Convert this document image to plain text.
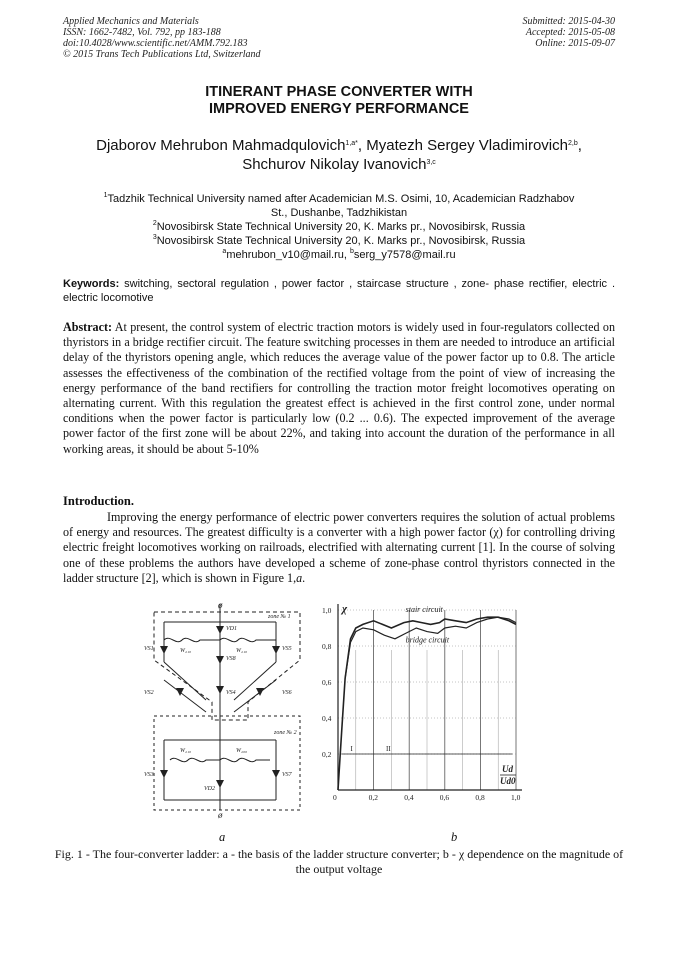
Applied Mechanics and Materials
ISSN: 1662-7482, Vol. 792, pp 183-188
doi:10.4028/www.scientific.net/AMM.792.183
© 2015 Trans Tech Publications Ltd, Switzerland
Submitted: 2015-04-30
Accepted: 2015-05-08
Online: 2015-09-07
ITINERANT PHASE CONVERTER WITH
IMPROVED ENERGY PERFORMANCE
Djaborov Mehrubon Mahmadqulovich$^{1,a*}$, Myatezh Sergey Vladimirovich$^{2,b}$,
Shchurov Nikolay Ivanovich$^{3,c}$
$^1$Tadzhik Technical University named after Academician M.S. Osimi, 10, Academician Radzhabov
St., Dushanbe, Tadzhikistan
$^2$Novosibirsk State Technical University 20, K. Marks pr., Novosibirsk, Russia
$^3$Novosibirsk State Technical University 20, K. Marks pr., Novosibirsk, Russia
$^a$mehrubon_v10@mail.ru, $^b$serg_y7578@mail.ru
Keywords: switching, sectoral regulation , power factor , staircase structure , zone- phase rectifier, electric . electric locomotive
Abstract: At present, the control system of electric traction motors is widely used in four-regulators collected on thyristors in a bridge rectifier circuit. The feature switching processes in them are needed to introduce an artificial delay of the thyristors opening angle, which reduces the average value of the power factor up to 0.8. The article assesses the effectiveness of the combination of the rectified voltage from the point of view of increasing the energy performance of the band rectifiers for controlling the traction motor freight locomotives operating on alternating current. With this regulation the greatest effect is achieved in the first control zone, under normal conditions when the power factor is particularly low (0.2 ... 0.6). The expected improvement of the average power factor of the first zone will be about 22%, and taking into account the duration of the performance in all working areas, it should be about 5-10%
Introduction.
Improving the energy performance of electric power converters requires the solution of actual problems of energy and resources. The greatest difficulty is a converter with a high power factor (χ) for controlling driving electric freight locomotives working on railroads, electrified with alternating current [1]. In the course of solving one of these problems the authors have developed a scheme of zone-phase control thyristors connected in the ladder structure [2], which is shown in Figure 1,a.
ø
ø
zone № 1
zone № 2
VS1
VD1
VS5
VS2
VS8
VS4	VS6
VS3
VD2
VS7
W₂₁₀	W₂₁₀
W₂₁₀	W₂₀₀
0	0,2	0,4	0,6	0,8	1,0
0,2
0,4
0,6
0,8
1,0 χ
Ud
Ud0
stair circuit
bridge circuit
I	II
a	b
Fig. 1 - The four-converter ladder: a - the basis of the ladder structure converter; b - χ dependence on the magnitude of the output voltage
